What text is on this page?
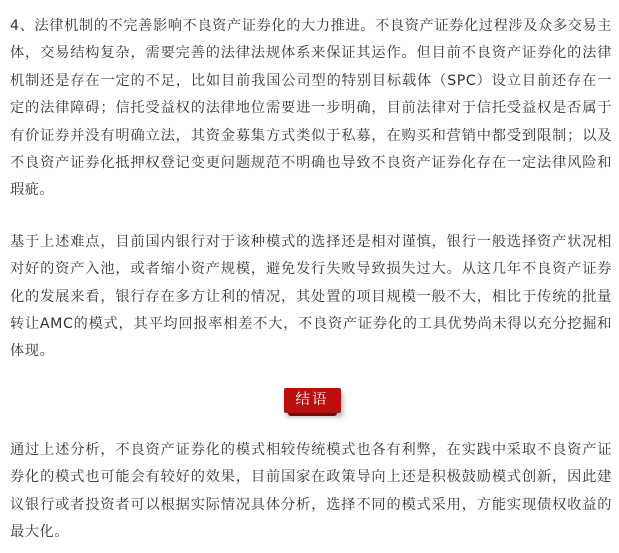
4、法律机制的不完善影响不良资产证券化的大力推进。不良资产证券化过程涉及众多交易主体，交易结构复杂，需要完善的法律法规体系来保证其运作。但目前不良资产证券化的法律机制还是存在一定的不足，比如目前我国公司型的特别目标载体（SPC）设立目前还存在一定的法律障碍；信托受益权的法律地位需要进一步明确，目前法律对于信托受益权是否属于有价证券并没有明确立法，其资金募集方式类似于私募，在购买和营销中都受到限制；以及不良资产证券化抵押权登记变更问题规范不明确也导致不良资产证券化存在一定法律风险和瑕疵。

基于上述难点，目前国内银行对于该种模式的选择还是相对谨慎，银行一般选择资产状况相对好的资产入池，或者缩小资产规模，避免发行失败导致损失过大。从这几年不良资产证券化的发展来看，银行存在多方让利的情况，其处置的项目规模一般不大，相比于传统的批量转让AMC的模式，其平均回报率相差不大，不良资产证券化的工具优势尚未得以充分挖掘和体现。

结语

通过上述分析，不良资产证券化的模式相较传统模式也各有利弊，在实践中采取不良资产证券化的模式也可能会有较好的效果，目前国家在政策导向上还是积极鼓励模式创新，因此建议银行或者投资者可以根据实际情况具体分析，选择不同的模式采用，方能实现债权收益的最大化。
